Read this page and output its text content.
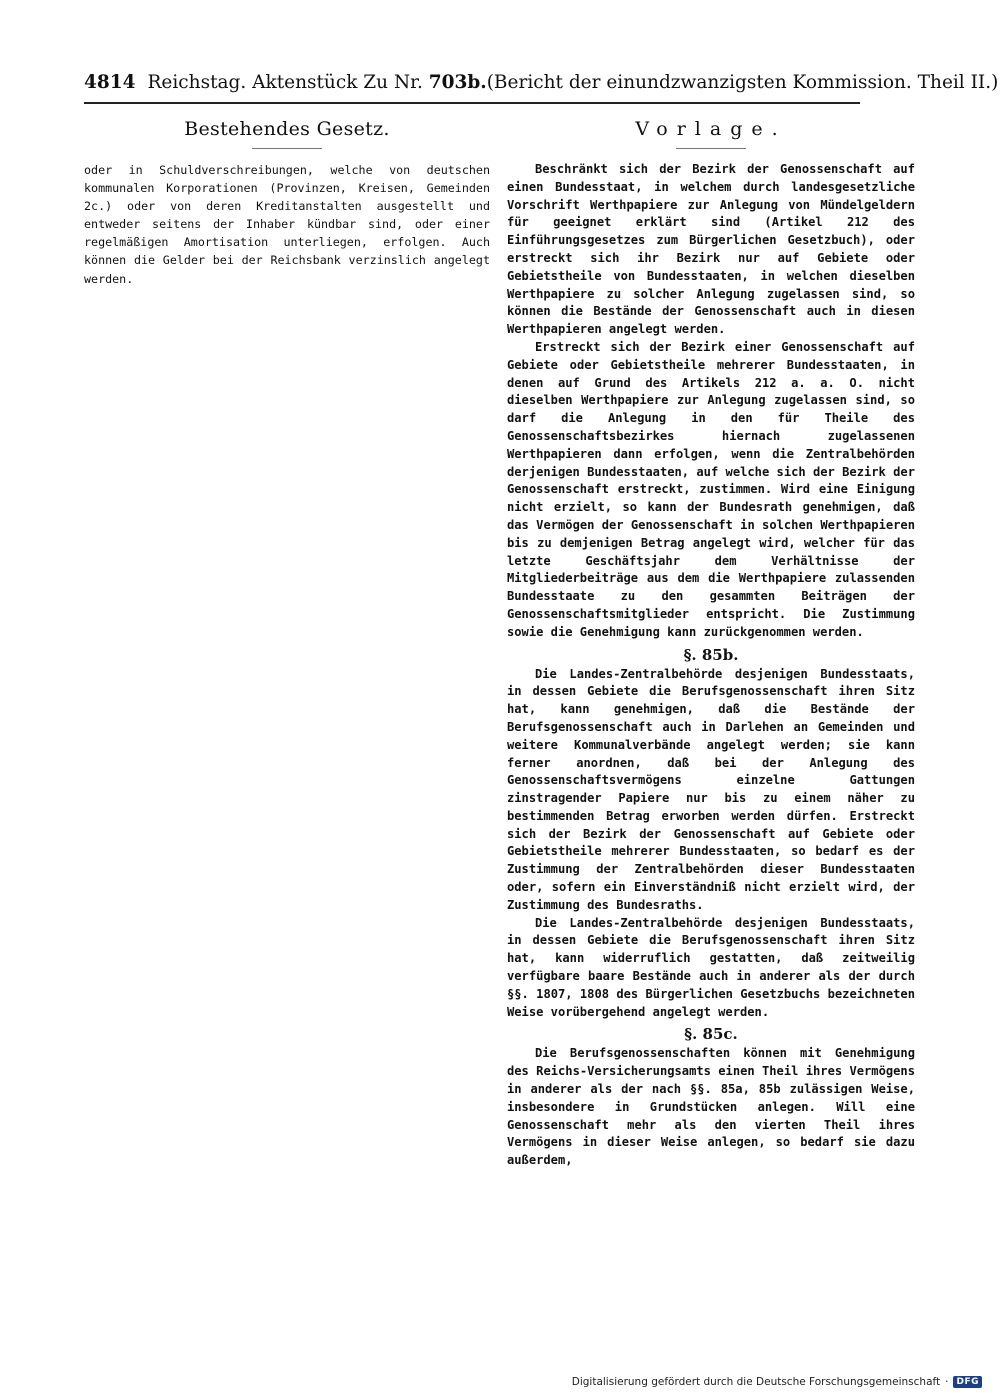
4814 Reichstag. Aktenstück Zu Nr. 703b. (Bericht der einundzwanzigsten Kommission. Theil II.)
Bestehendes Gesetz.

oder in Schuldverschreibungen, welche von deutschen kommunalen Korporationen (Provinzen, Kreisen, Gemeinden 2c.) oder von deren Kreditanstalten ausgestellt und entweder seitens der Inhaber kündbar sind, oder einer regelmäßigen Amortisation unterliegen, erfolgen. Auch können die Gelder bei der Reichsbank verzinslich angelegt werden.

Vorlage.

Beschränkt sich der Bezirk der Genossenschaft auf einen Bundesstaat, in welchem durch landesgesetzliche Vorschrift Werthpapiere zur Anlegung von Mündelgeldern für geeignet erklärt sind (Artikel 212 des Einführungsgesetzes zum Bürgerlichen Gesetzbuch), oder erstreckt sich ihr Bezirk nur auf Gebiete oder Gebietstheile von Bundesstaaten, in welchen dieselben Werthpapiere zu solcher Anlegung zugelassen sind, so können die Bestände der Genossenschaft auch in diesen Werthpapieren angelegt werden.

Erstreckt sich der Bezirk einer Genossenschaft auf Gebiete oder Gebietstheile mehrerer Bundesstaaten, in denen auf Grund des Artikels 212 a. a. O. nicht dieselben Werthpapiere zur Anlegung zugelassen sind, so darf die Anlegung in den für Theile des Genossenschaftsbezirkes hiernach zugelassenen Werthpapieren dann erfolgen, wenn die Zentralbehörden derjenigen Bundesstaaten, auf welche sich der Bezirk der Genossenschaft erstreckt, zustimmen. Wird eine Einigung nicht erzielt, so kann der Bundesrath genehmigen, daß das Vermögen der Genossenschaft in solchen Werthpapieren bis zu demjenigen Betrag angelegt wird, welcher für das letzte Geschäftsjahr dem Verhältnisse der Mitgliederbeiträge aus dem die Werthpapiere zulassenden Bundesstaate zu den gesammten Beiträgen der Genossenschaftsmitglieder entspricht. Die Zustimmung sowie die Genehmigung kann zurückgenommen werden.

§. 85b.

Die Landes-Zentralbehörde desjenigen Bundesstaats, in dessen Gebiete die Berufsgenossenschaft ihren Sitz hat, kann genehmigen, daß die Bestände der Berufsgenossenschaft auch in Darlehen an Gemeinden und weitere Kommunalverbände angelegt werden; sie kann ferner anordnen, daß bei der Anlegung des Genossenschaftsvermögens einzelne Gattungen zinstragender Papiere nur bis zu einem näher zu bestimmenden Betrag erworben werden dürfen. Erstreckt sich der Bezirk der Genossenschaft auf Gebiete oder Gebietstheile mehrerer Bundesstaaten, so bedarf es der Zustimmung der Zentralbehörden dieser Bundesstaaten oder, sofern ein Einverständniß nicht erzielt wird, der Zustimmung des Bundesraths.

Die Landes-Zentralbehörde desjenigen Bundesstaats, in dessen Gebiete die Berufsgenossenschaft ihren Sitz hat, kann widerruflich gestatten, daß zeitweilig verfügbare baare Bestände auch in anderer als der durch §§. 1807, 1808 des Bürgerlichen Gesetzbuchs bezeichneten Weise vorübergehend angelegt werden.

§. 85c.

Die Berufsgenossenschaften können mit Genehmigung des Reichs-Versicherungsamts einen Theil ihres Vermögens in anderer als der nach §§. 85a, 85b zulässigen Weise, insbesondere in Grundstücken anlegen. Will eine Genossenschaft mehr als den vierten Theil ihres Vermögens in dieser Weise anlegen, so bedarf sie dazu außerdem,

Digitalisierung gefördert durch die Deutsche Forschungsgemeinschaft · DFG
